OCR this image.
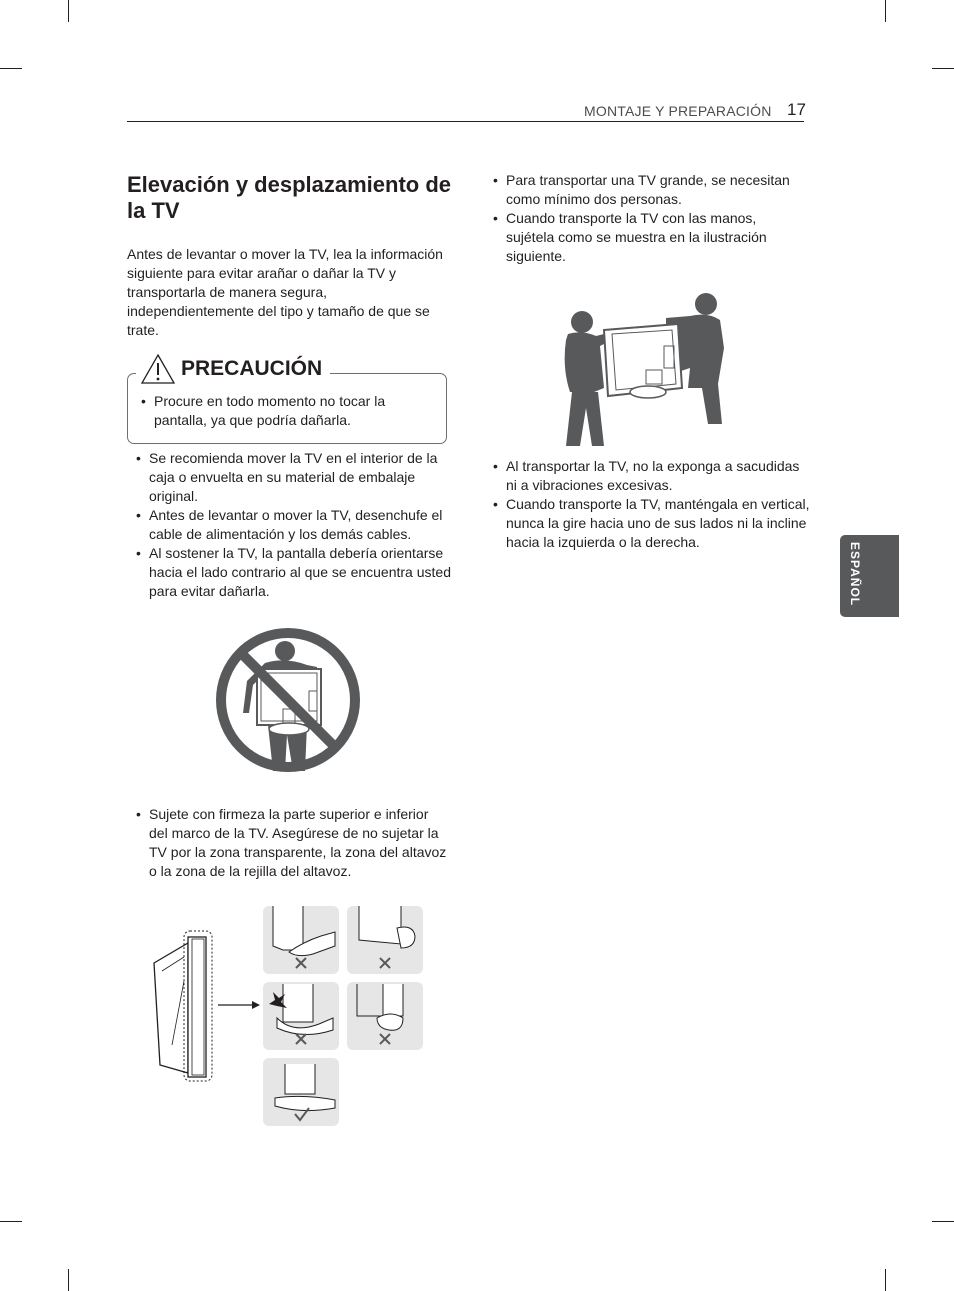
MONTAJE Y PREPARACIÓN 17
Elevación y desplazamiento de la TV

Antes de levantar o mover la TV, lea la información siguiente para evitar arañar o dañar la TV y transportarla de manera segura, independientemente del tipo y tamaño de que se trate.

PRECAUCIÓN
• Procure en todo momento no tocar la pantalla, ya que podría dañarla.
• Se recomienda mover la TV en el interior de la caja o envuelta en su material de embalaje original.
• Antes de levantar o mover la TV, desenchufe el cable de alimentación y los demás cables.
• Al sostener la TV, la pantalla debería orientarse hacia el lado contrario al que se encuentra usted para evitar dañarla.
• Sujete con firmeza la parte superior e inferior del marco de la TV. Asegúrese de no sujetar la TV por la zona transparente, la zona del altavoz o la zona de la rejilla del altavoz.
• Para transportar una TV grande, se necesitan como mínimo dos personas.
• Cuando transporte la TV con las manos, sujétela como se muestra en la ilustración siguiente.
• Al transportar la TV, no la exponga a sacudidas ni a vibraciones excesivas.
• Cuando transporte la TV, manténgala en vertical, nunca la gire hacia uno de sus lados ni la incline hacia la izquierda o la derecha.	ESPAÑOL
